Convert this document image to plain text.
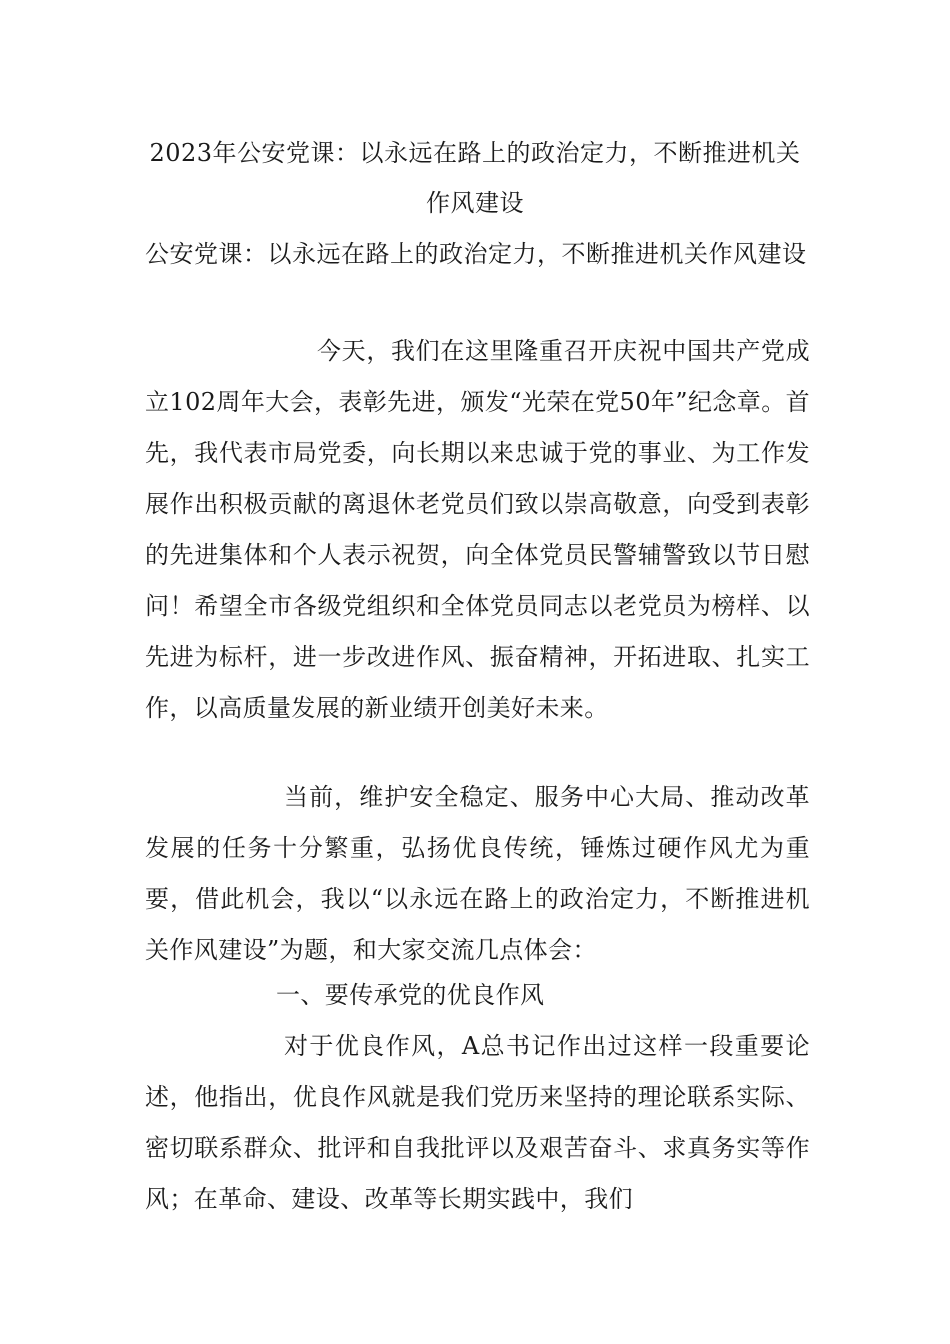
2023年公安党课：以永远在路上的政治定力，不断推进机关作风建设
公安党课：以永远在路上的政治定力，不断推进机关作风建设
今天，我们在这里隆重召开庆祝中国共产党成立102周年大会，表彰先进，颁发“光荣在党50年”纪念章。首先，我代表市局党委，向长期以来忠诚于党的事业、为工作发展作出积极贡献的离退休老党员们致以崇高敬意，向受到表彰的先进集体和个人表示祝贺，向全体党员民警辅警致以节日慰问！希望全市各级党组织和全体党员同志以老党员为榜样、以先进为标杆，进一步改进作风、振奋精神，开拓进取、扎实工作，以高质量发展的新业绩开创美好未来。
当前，维护安全稳定、服务中心大局、推动改革发展的任务十分繁重，弘扬优良传统，锤炼过硬作风尤为重要，借此机会，我以“以永远在路上的政治定力，不断推进机关作风建设”为题，和大家交流几点体会：
一、要传承党的优良作风
对于优良作风，A总书记作出过这样一段重要论述，他指出，优良作风就是我们党历来坚持的理论联系实际、密切联系群众、批评和自我批评以及艰苦奋斗、求真务实等作风；在革命、建设、改革等长期实践中，我们
